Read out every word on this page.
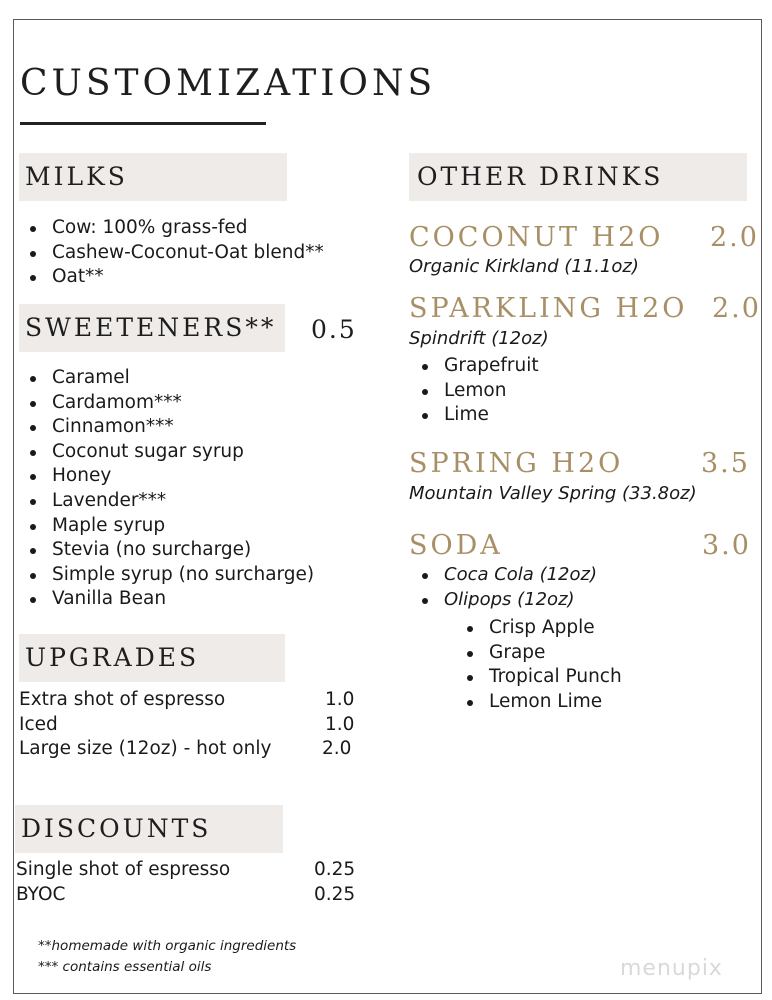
CUSTOMIZATIONS
MILKS
Cow: 100% grass-fed
Cashew-Coconut-Oat blend**
Oat**
SWEETENERS**	0.5
Caramel
Cardamom***
Cinnamon***
Coconut sugar syrup
Honey
Lavender***
Maple syrup
Stevia (no surcharge)
Simple syrup (no surcharge)
Vanilla Bean
UPGRADES
Extra shot of espresso	1.0
Iced	1.0
Large size (12oz) - hot only	2.0
DISCOUNTS
Single shot of espresso	0.25
BYOC	0.25
**homemade with organic ingredients
*** contains essential oils
OTHER DRINKS
COCONUT H2O 2.0
Organic Kirkland (11.1oz)
SPARKLING H2O 2.0
Spindrift (12oz)
Grapefruit
Lemon
Lime
SPRING H2O	3.5
Mountain Valley Spring (33.8oz)
SODA	3.0
Coca Cola (12oz)
Olipops (12oz)
Crisp Apple
Grape
Tropical Punch
Lemon Lime
menupix
